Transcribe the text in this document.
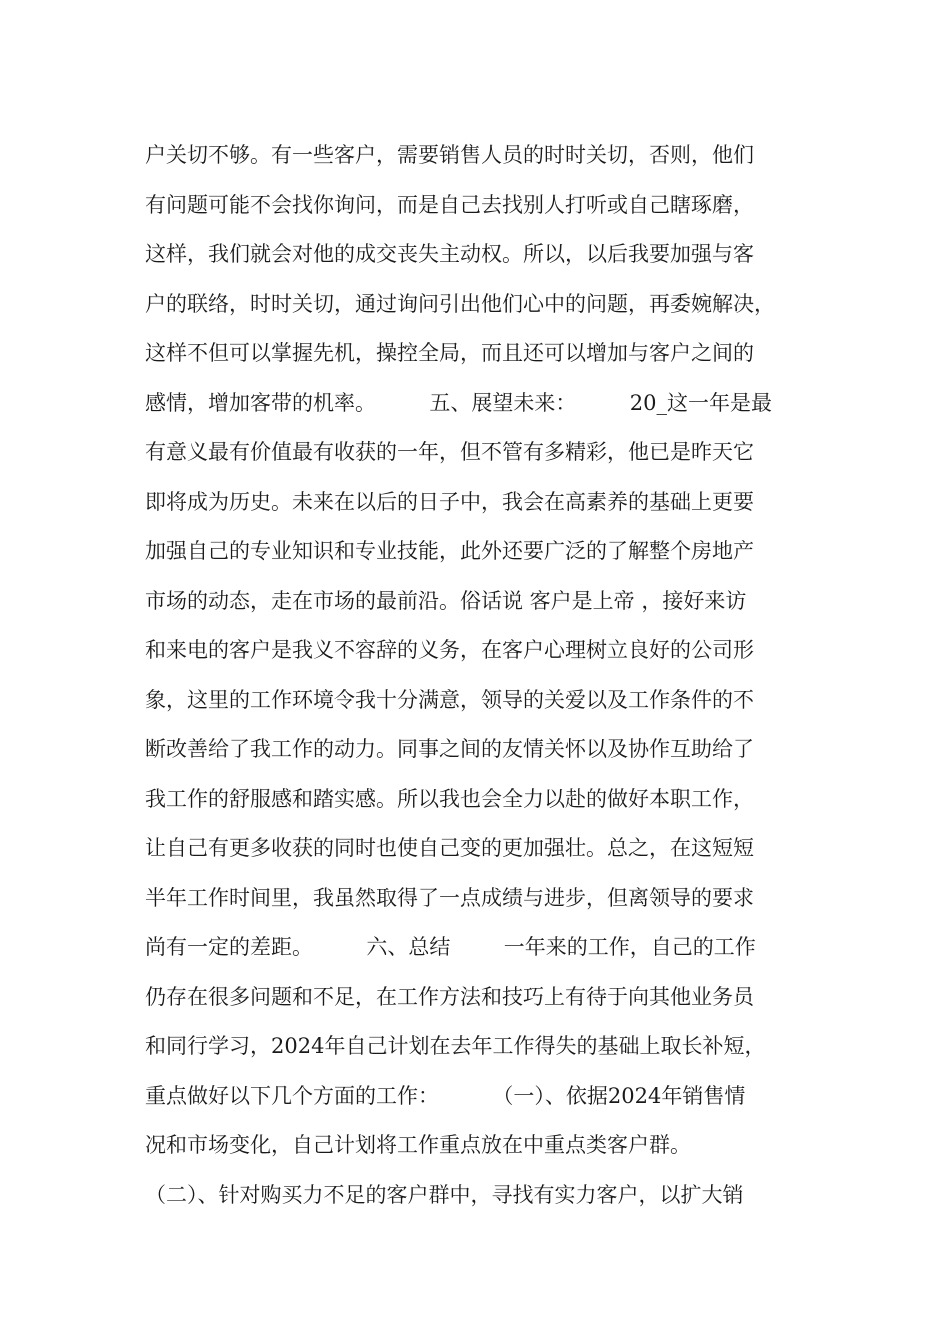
户关切不够。有一些客户，需要销售人员的时时关切，否则，他们
有问题可能不会找你询问，而是自己去找别人打听或自己瞎琢磨，
这样，我们就会对他的成交丧失主动权。所以，以后我要加强与客
户的联络，时时关切，通过询问引出他们心中的问题，再委婉解决，
这样不但可以掌握先机，操控全局，而且还可以增加与客户之间的
感情，增加客带的机率。        五、展望未来：        20_这一年是最
有意义最有价值最有收获的一年，但不管有多精彩，他已是昨天它
即将成为历史。未来在以后的日子中，我会在高素养的基础上更要
加强自己的专业知识和专业技能，此外还要广泛的了解整个房地产
市场的动态，走在市场的最前沿。俗话说 客户是上帝 ，接好来访
和来电的客户是我义不容辞的义务，在客户心理树立良好的公司形
象，这里的工作环境令我十分满意，领导的关爱以及工作条件的不
断改善给了我工作的动力。同事之间的友情关怀以及协作互助给了
我工作的舒服感和踏实感。所以我也会全力以赴的做好本职工作，
让自己有更多收获的同时也使自己变的更加强壮。总之，在这短短
半年工作时间里，我虽然取得了一点成绩与进步，但离领导的要求
尚有一定的差距。        六、总结        一年来的工作，自己的工作
仍存在很多问题和不足，在工作方法和技巧上有待于向其他业务员
和同行学习，2024年自己计划在去年工作得失的基础上取长补短，
重点做好以下几个方面的工作：        （一）、依据2024年销售情
况和市场变化，自己计划将工作重点放在中重点类客户群。
（二）、针对购买力不足的客户群中，寻找有实力客户，以扩大销
